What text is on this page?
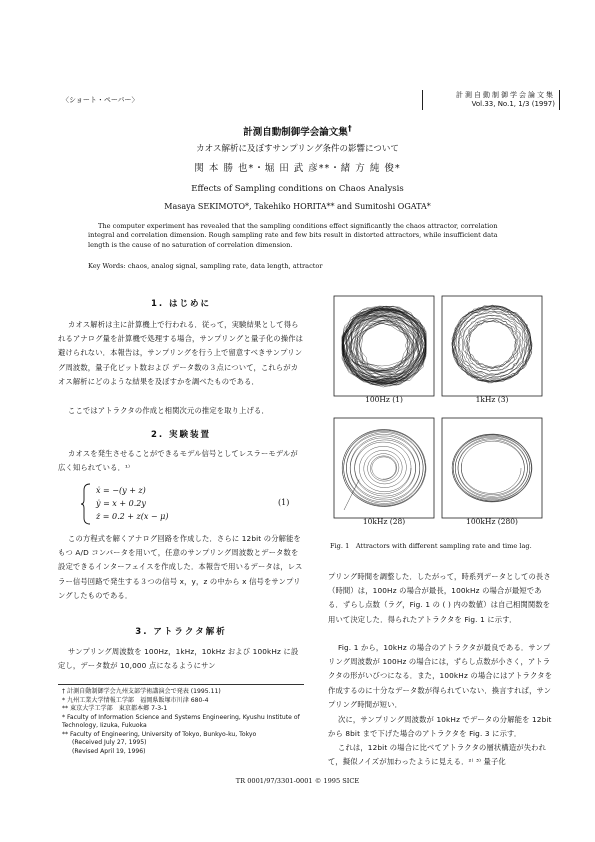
〈ショート・ペーパー〉
計測自動制御学会論文集
Vol.33, No.1, 1/3 (1997)
計測自動制御学会論文集†
カオス解析に及ぼすサンプリング条件の影響について
関 本 勝 也*・堀 田 武 彦**・緒 方 純 俊*
Effects of Sampling conditions on Chaos Analysis
Masaya SEKIMOTO*, Takehiko HORITA** and Sumitoshi OGATA*
The computer experiment has revealed that the sampling conditions effect significantly the chaos attractor, correlation integral and correlation dimension. Rough sampling rate and few bits result in distorted attractors, while insufficient data length is the cause of no saturation of correlation dimension.
Key Words: chaos, analog signal, sampling rate, data length, attractor
1. はじめに
カオス解析は主に計算機上で行われる．従って，実験結果として得られるアナログ量を計算機で処理する場合，サンプリングと量子化の操作は避けられない．本報告は，サンプリングを行う上で留意すべきサンプリング周波数，量子化ビット数および データ数の３点について，これらがカオス解析にどのような結果を及ぼすかを調べたものである．
ここではアトラクタの作成と相関次元の推定を取り上げる．
2. 実験装置
カオスを発生させることができるモデル信号としてレスラーモデルが広く知られている．¹⁾
ẋ = −(y + z)
ẏ = x + 0.2y
ż = 0.2 + z(x − μ)
(1)
この方程式を解くアナログ回路を作成した．さらに 12bit の分解能をもつ A/D コンバータを用いて，任意のサンプリング周波数とデータ数を設定できるインターフェイスを作成した．本報告で用いるデータは，レスラー信号回路で発生する３つの信号 x，y，z の中から x 信号をサンプリングしたものである．
3. アトラクタ解析
サンプリング周波数を 100Hz，1kHz，10kHz および 100kHz に設定し，データ数が 10,000 点になるようにサン
† 計測自動制御学会九州支部学術講演会で発表 (1995.11)
* 九州工業大学情報工学部　福岡県飯塚市川津 680-4
** 東京大学工学部　東京都本郷 7-3-1
* Faculty of Information Science and Systems Engineering, Kyushu Institute of Technology, Iizuka, Fukuoka
** Faculty of Engineering, University of Tokyo, Bunkyo-ku, Tokyo
(Received July 27, 1995)
(Revised April 19, 1996)
100Hz (1)	1kHz (3)
10kHz (28)	100kHz (280)
Fig. 1　Attractors with different sampling rate and time lag.
プリング時間を調整した．したがって，時系列データとしての長さ（時間）は，100Hz の場合が最長，100kHz の場合が最短である．ずらし点数（ラグ，Fig. 1 の ( ) 内の数値）は自己相関関数を用いて決定した．得られたアトラクタを Fig. 1 に示す．
Fig. 1 から，10kHz の場合のアトラクタが最良である．サンプリング周波数が 100Hz の場合には，ずらし点数が小さく，アトラクタの形がいびつになる．また，100kHz の場合にはアトラクタを作成するのに十分なデータ数が得られていない．換言すれば，サンプリング時間が短い．
次に，サンプリング周波数が 10kHz でデータの分解能を 12bit から 8bit まで下げた場合のアトラクタを Fig. 3 に示す．
これは，12bit の場合に比べてアトラクタの層状構造が失われて，擬似ノイズが加わったように見える．²⁾ ³⁾ 量子化
TR 0001/97/3301-0001 © 1995 SICE
